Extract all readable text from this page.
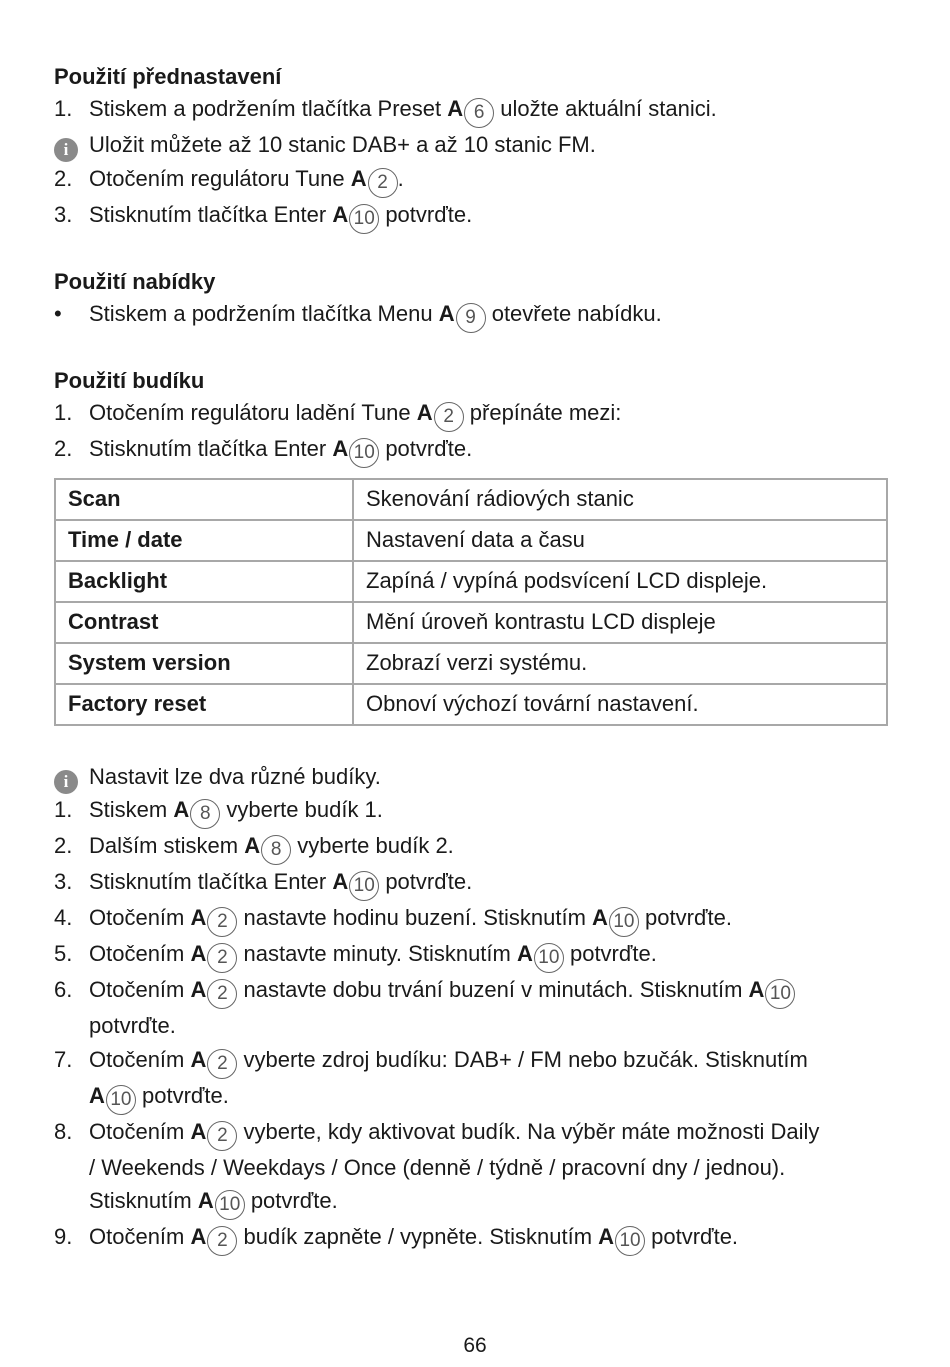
Použití přednastavení
1. Stiskem a podržením tlačítka Preset A 6 uložte aktuální stanici.
i Uložit můžete až 10 stanic DAB+ a až 10 stanic FM.
2. Otočením regulátoru Tune A 2 .
3. Stisknutím tlačítka Enter A 10 potvrďte.
Použití nabídky
•	Stiskem a podržením tlačítka Menu A 9 otevřete nabídku.
Použití budíku
1. Otočením regulátoru ladění Tune A 2 přepínáte mezi:
2. Stisknutím tlačítka Enter A 10 potvrďte.
Scan	Skenování rádiových stanic
Time / date	Nastavení data a času
Backlight	Zapíná / vypíná podsvícení LCD displeje.
Contrast	Mění úroveň kontrastu LCD displeje
System version	Zobrazí verzi systému.
Factory reset	Obnoví výchozí tovární nastavení.
i Nastavit lze dva různé budíky.
1. Stiskem A 8 vyberte budík 1.
2. Dalším stiskem A 8 vyberte budík 2.
3. Stisknutím tlačítka Enter A 10 potvrďte.
4. Otočením A 2 nastavte hodinu buzení. Stisknutím A 10 potvrďte.
5. Otočením A 2 nastavte minuty. Stisknutím A 10 potvrďte.
6. Otočením A 2 nastavte dobu trvání buzení v minutách. Stisknutím A 10
potvrďte.
7. Otočením A 2 vyberte zdroj budíku: DAB+ / FM nebo bzučák. Stisknutím
A 10 potvrďte.
8. Otočením A 2 vyberte, kdy aktivovat budík. Na výběr máte možnosti Daily
/ Weekends / Weekdays / Once (denně / týdně / pracovní dny / jednou).
Stisknutím A 10 potvrďte.
9. Otočením A 2 budík zapněte / vypněte. Stisknutím A 10 potvrďte.
66
